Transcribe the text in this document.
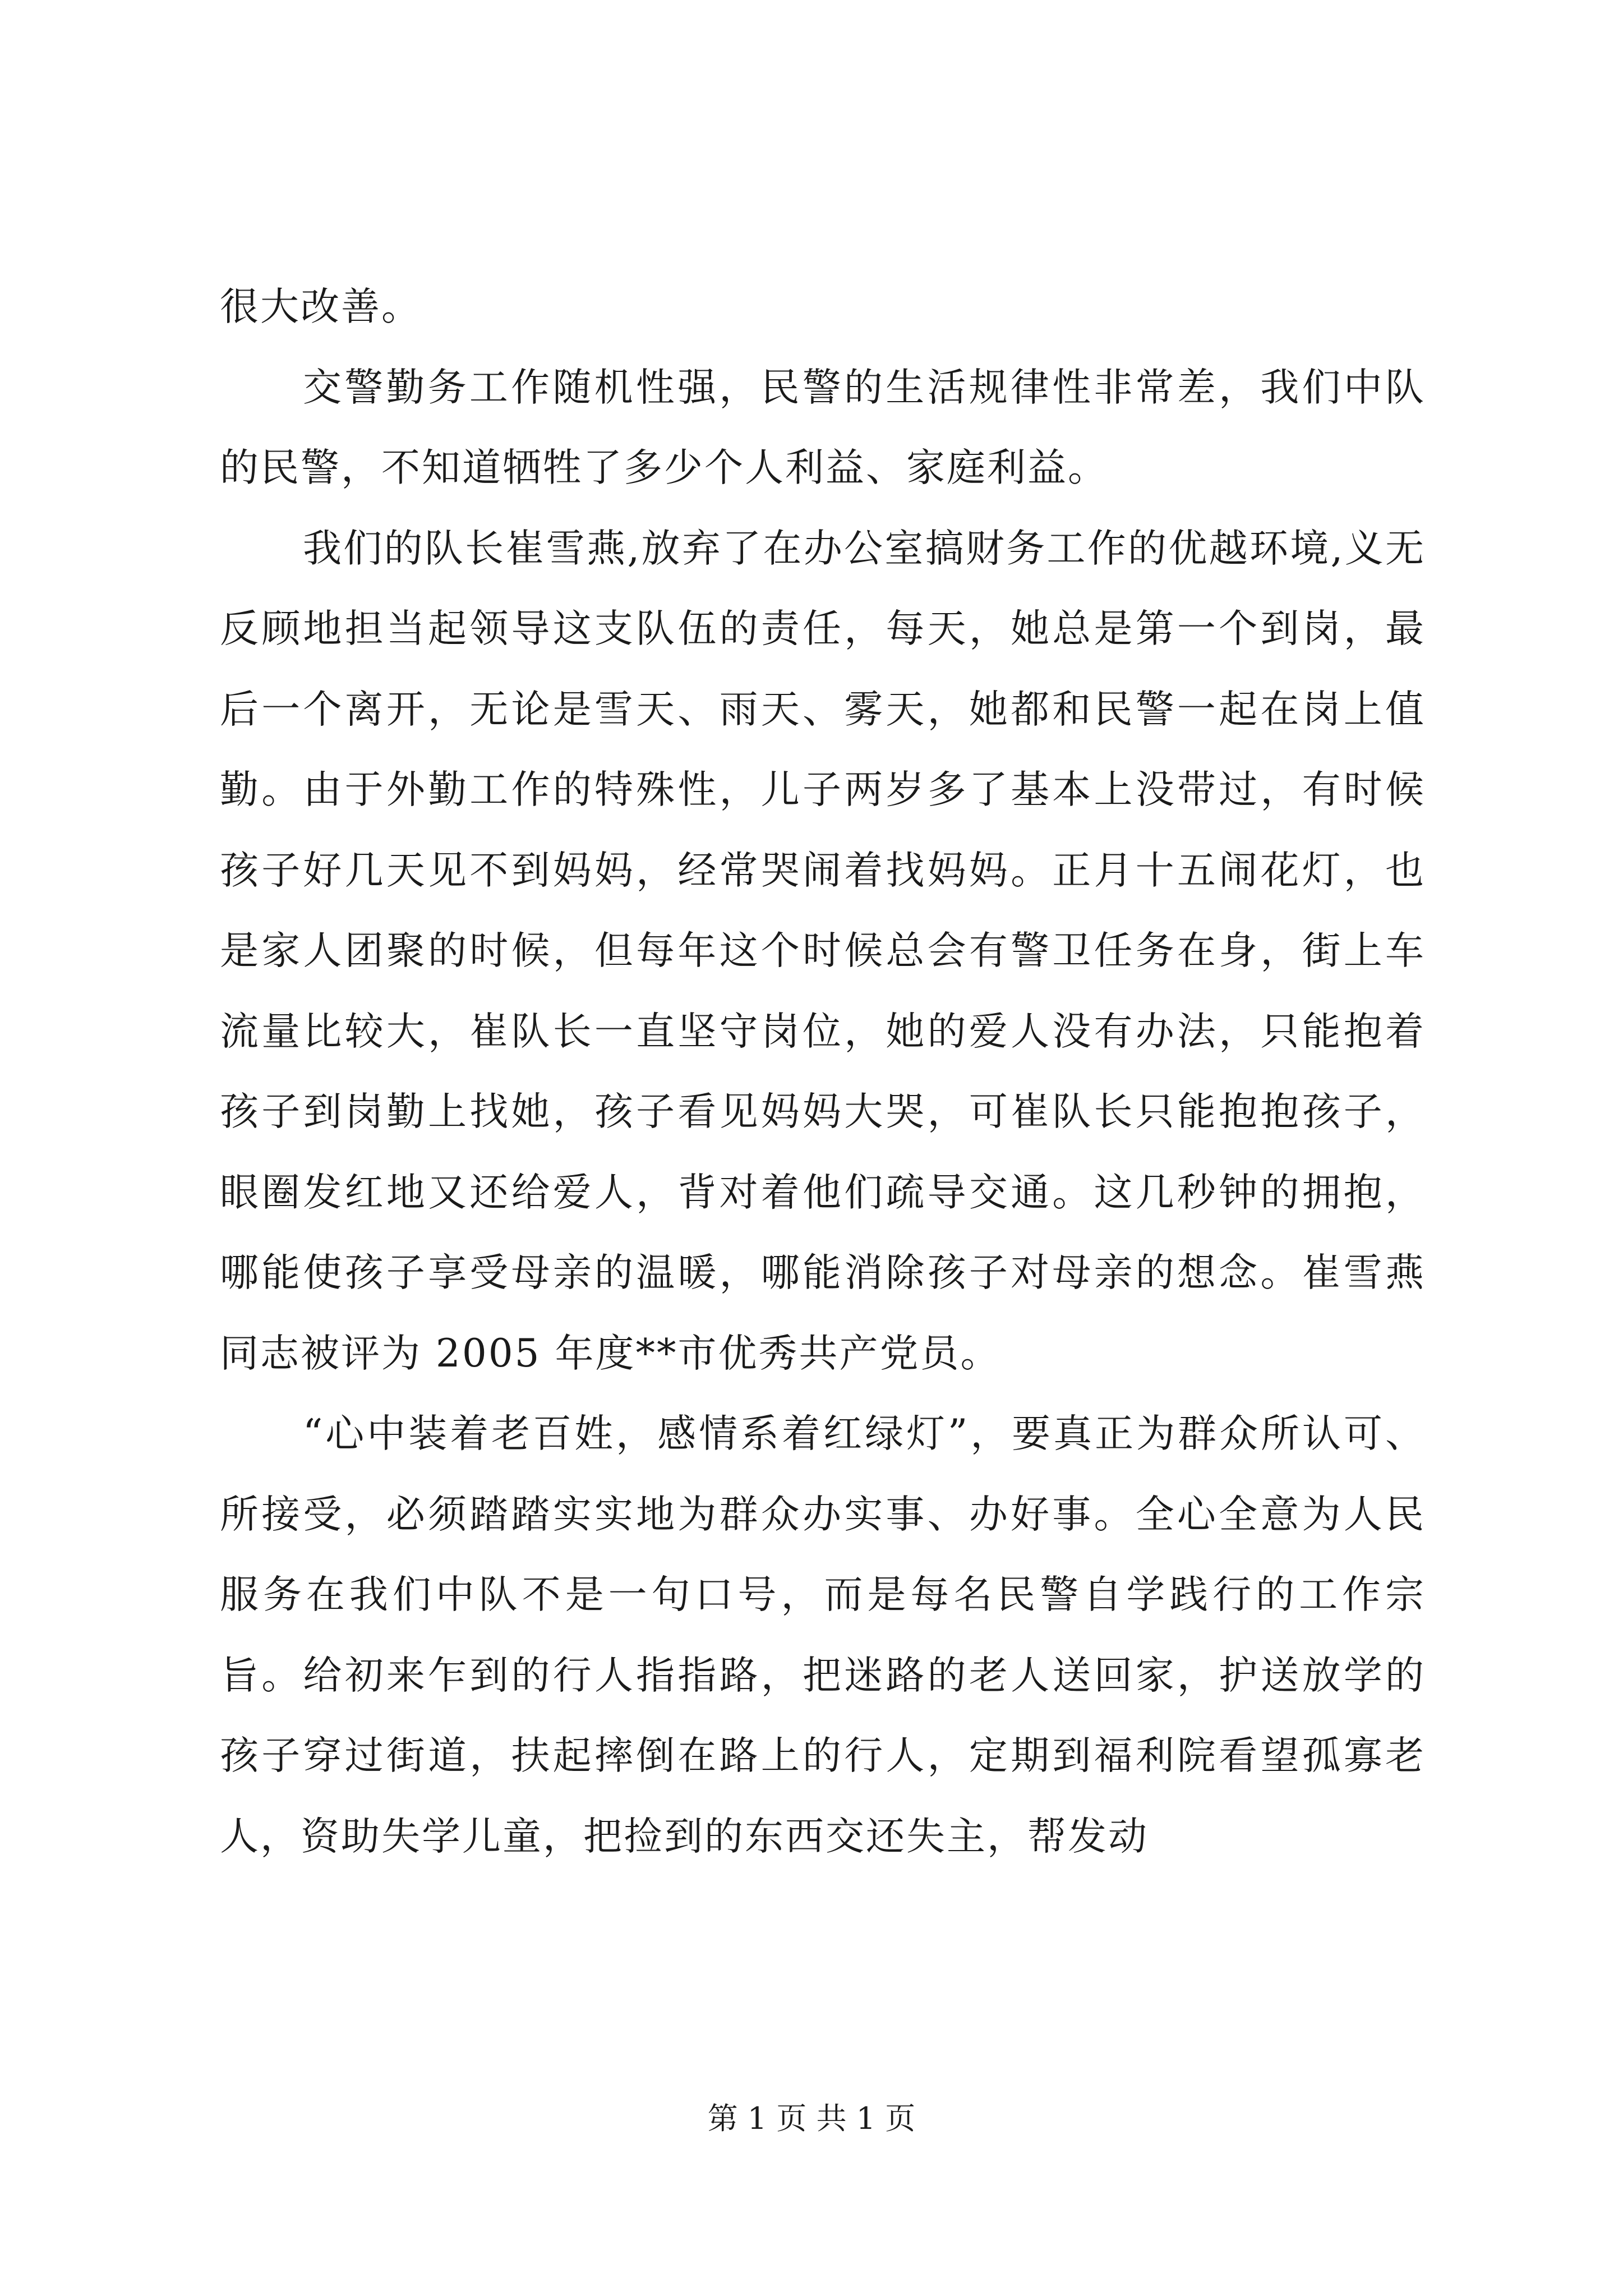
很大改善。

交警勤务工作随机性强，民警的生活规律性非常差，我们中队的民警，不知道牺牲了多少个人利益、家庭利益。

我们的队长崔雪燕,放弃了在办公室搞财务工作的优越环境,义无反顾地担当起领导这支队伍的责任，每天，她总是第一个到岗，最后一个离开，无论是雪天、雨天、雾天，她都和民警一起在岗上值勤。由于外勤工作的特殊性，儿子两岁多了基本上没带过，有时候孩子好几天见不到妈妈，经常哭闹着找妈妈。正月十五闹花灯，也是家人团聚的时候，但每年这个时候总会有警卫任务在身，街上车流量比较大，崔队长一直坚守岗位，她的爱人没有办法，只能抱着孩子到岗勤上找她，孩子看见妈妈大哭，可崔队长只能抱抱孩子，眼圈发红地又还给爱人，背对着他们疏导交通。这几秒钟的拥抱，哪能使孩子享受母亲的温暖，哪能消除孩子对母亲的想念。崔雪燕同志被评为 2005 年度**市优秀共产党员。

“心中装着老百姓，感情系着红绿灯”，要真正为群众所认可、所接受，必须踏踏实实地为群众办实事、办好事。全心全意为人民服务在我们中队不是一句口号，而是每名民警自学践行的工作宗旨。给初来乍到的行人指指路，把迷路的老人送回家，护送放学的孩子穿过街道，扶起摔倒在路上的行人，定期到福利院看望孤寡老人，资助失学儿童，把捡到的东西交还失主，帮发动

第 1 页 共 1 页
